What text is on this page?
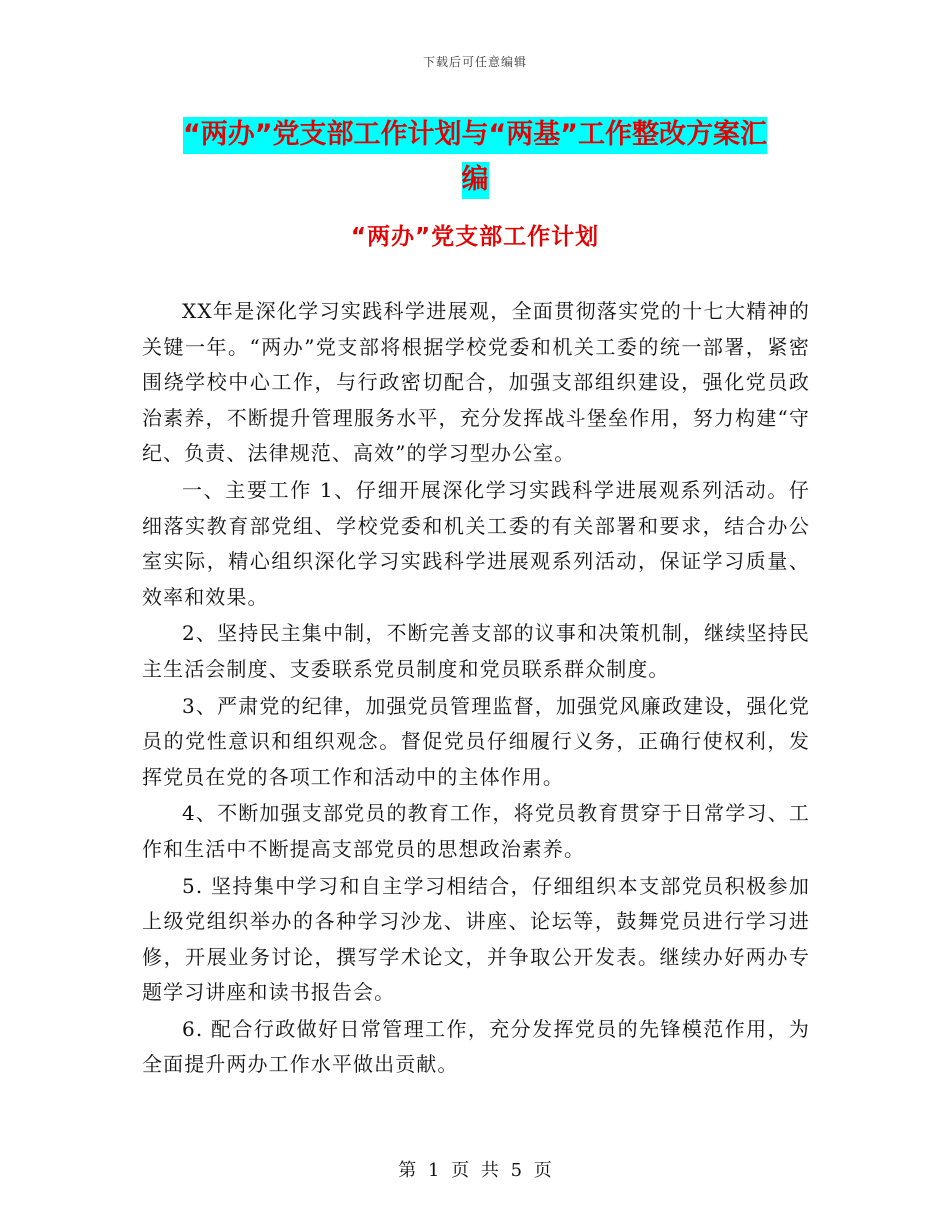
下载后可任意编辑
“两办”党支部工作计划与“两基”工作整改方案汇
编
“两办”党支部工作计划

XX年是深化学习实践科学进展观，全面贯彻落实党的十七大精神的关键一年。“两办”党支部将根据学校党委和机关工委的统一部署，紧密围绕学校中心工作，与行政密切配合，加强支部组织建设，强化党员政治素养，不断提升管理服务水平，充分发挥战斗堡垒作用，努力构建“守纪、负责、法律规范、高效”的学习型办公室。

一、主要工作 1、仔细开展深化学习实践科学进展观系列活动。仔细落实教育部党组、学校党委和机关工委的有关部署和要求，结合办公室实际，精心组织深化学习实践科学进展观系列活动，保证学习质量、效率和效果。

2、坚持民主集中制，不断完善支部的议事和决策机制，继续坚持民主生活会制度、支委联系党员制度和党员联系群众制度。

3、严肃党的纪律，加强党员管理监督，加强党风廉政建设，强化党员的党性意识和组织观念。督促党员仔细履行义务，正确行使权利，发挥党员在党的各项工作和活动中的主体作用。

4、不断加强支部党员的教育工作，将党员教育贯穿于日常学习、工作和生活中不断提高支部党员的思想政治素养。

5. 坚持集中学习和自主学习相结合，仔细组织本支部党员积极参加上级党组织举办的各种学习沙龙、讲座、论坛等，鼓舞党员进行学习进修，开展业务讨论，撰写学术论文，并争取公开发表。继续办好两办专题学习讲座和读书报告会。

6. 配合行政做好日常管理工作，充分发挥党员的先锋模范作用，为全面提升两办工作水平做出贡献。

第 1 页 共 5 页
